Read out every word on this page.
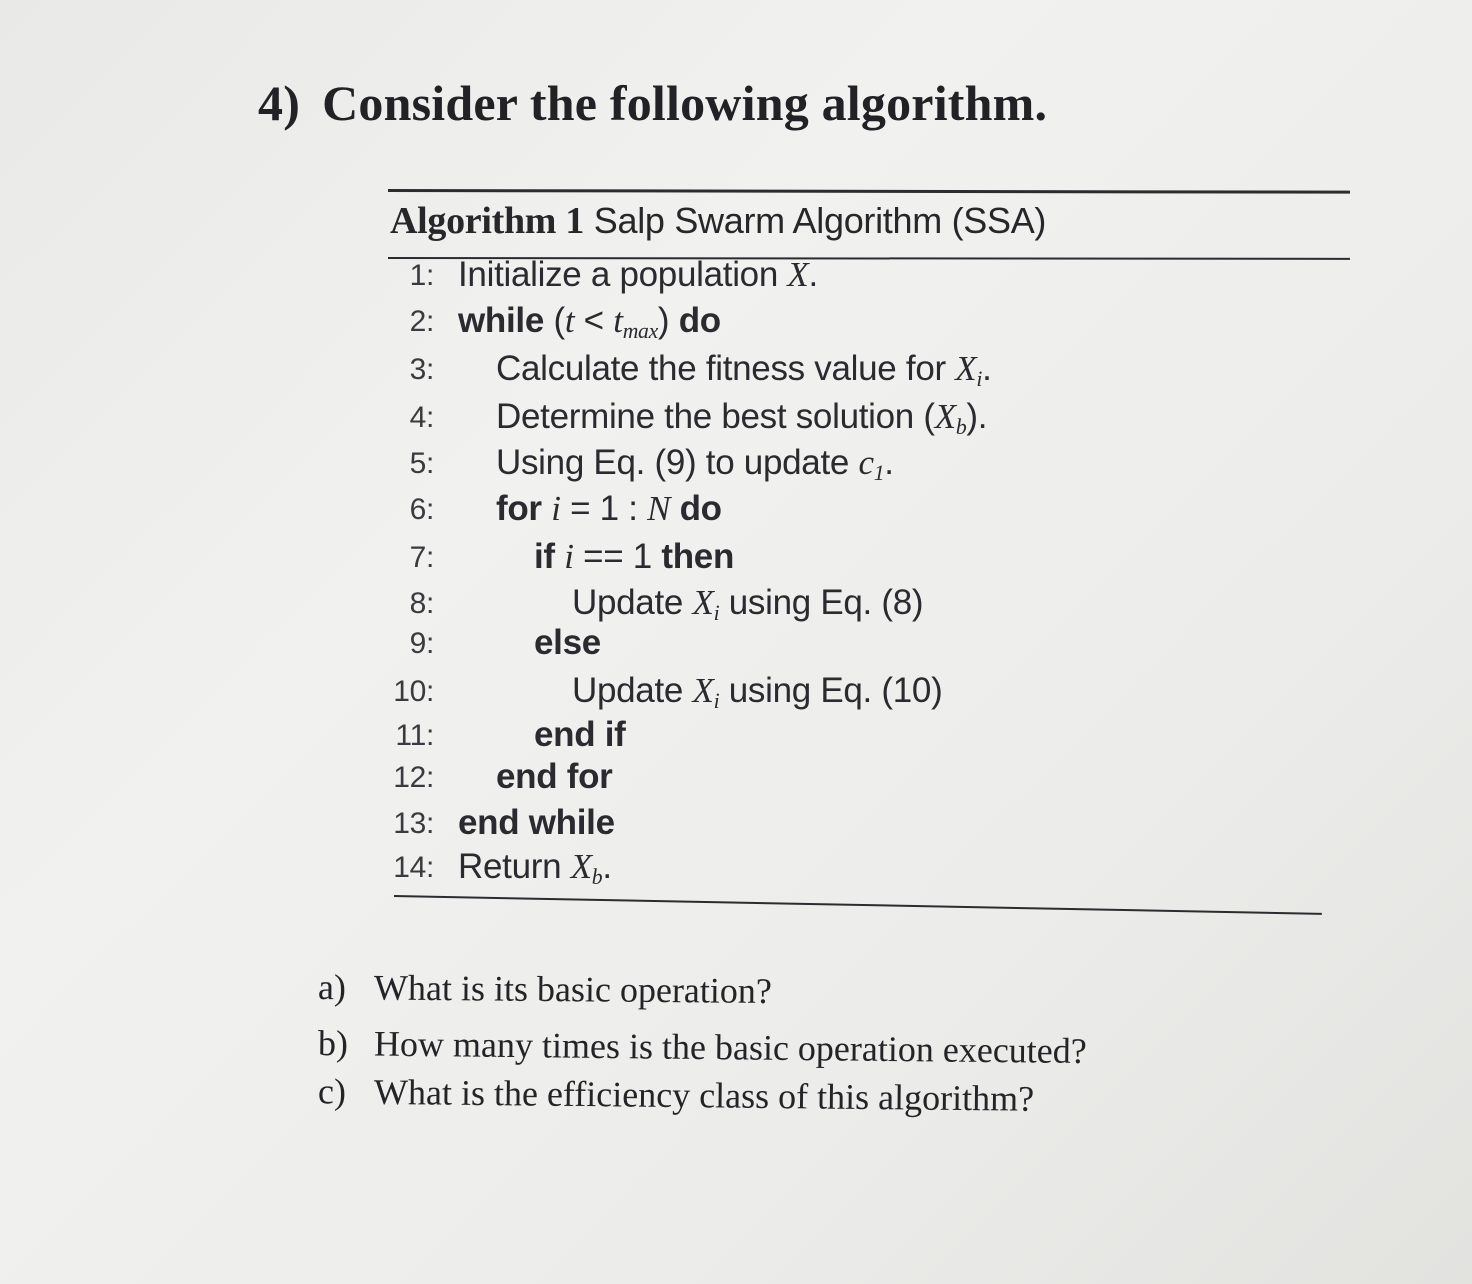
4) Consider the following algorithm.
Algorithm 1 Salp Swarm Algorithm (SSA)
1: Initialize a population X.
2: while $(t < t_{max})$ do
3: Calculate the fitness value for $X_i$.
4: Determine the best solution $(X_b)$.
5: Using Eq. (9) to update $c_1$.
6: for i = 1 : N do
7:	if i == 1 then
8:	Update $X_i$ using Eq. (8)
9:	else
10:	Update $X_i$ using Eq. (10)
11:	end if
12: end for
13: end while
14: Return $X_b$.
a) What is its basic operation?
b) How many times is the basic operation executed?
c) What is the efficiency class of this algorithm?
